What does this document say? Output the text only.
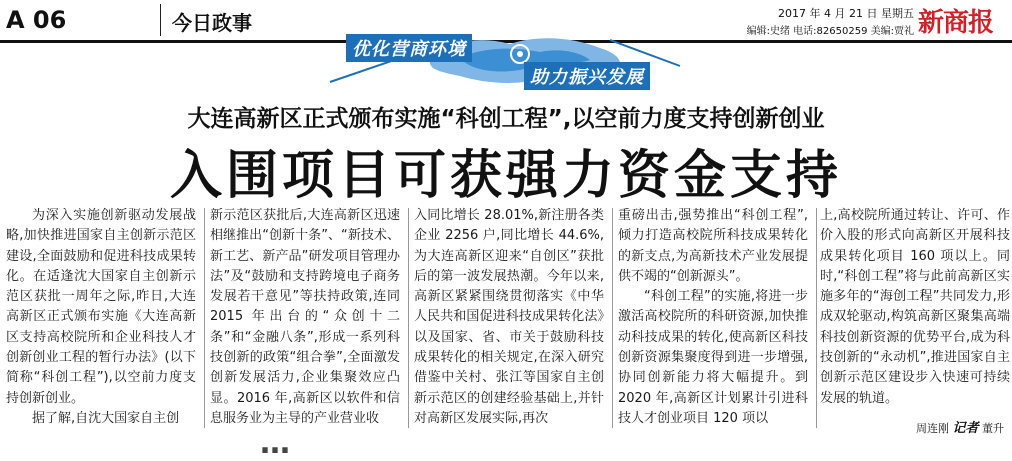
A 06	今日政事	2017 年 4 月 21 日 星期五
编辑:史绪 电话:82650259 美编:贾礼 新商报
优化营商环境
助力振兴发展
大连高新区正式颁布实施“科创工程”,以空前力度支持创新创业
入围项目可获强力资金支持

为深入实施创新驱动发展战略,加快推进国家自主创新示范区建设,全面鼓励和促进科技成果转化。在适逢沈大国家自主创新示范区获批一周年之际,昨日,大连高新区正式颁布实施《大连高新区支持高校院所和企业科技人才创新创业工程的暂行办法》(以下简称“科创工程”),以空前力度支持创新创业。

据了解,自沈大国家自主创

新示范区获批后,大连高新区迅速相继推出“创新十条”、“新技术、新工艺、新产品”研发项目管理办法”及“鼓励和支持跨境电子商务发展若干意见”等扶持政策,连同 2015 年出台的“众创十二条”和“金融八条”,形成一系列科技创新的政策“组合拳”,全面激发创新发展活力,企业集聚效应凸显。2016 年,高新区以软件和信息服务业为主导的产业营业收

入同比增长 28.01%,新注册各类企业 2256 户,同比增长 44.6%,为大连高新区迎来“自创区”获批后的第一波发展热潮。今年以来,高新区紧紧围绕贯彻落实《中华人民共和国促进科技成果转化法》以及国家、省、市关于鼓励科技成果转化的相关规定,在深入研究借鉴中关村、张江等国家自主创新示范区的创建经验基础上,并针对高新区发展实际,再次

重磅出击,强势推出“科创工程”,倾力打造高校院所科技成果转化的新支点,为高新技术产业发展提供不竭的“创新源头”。

“科创工程”的实施,将进一步激活高校院所的科研资源,加快推动科技成果的转化,使高新区科技创新资源集聚度得到进一步增强,协同创新能力将大幅提升。到 2020 年,高新区计划累计引进科技人才创业项目 120 项以

上,高校院所通过转让、许可、作价入股的形式向高新区开展科技成果转化项目 160 项以上。同时,“科创工程”将与此前高新区实施多年的“海创工程”共同发力,形成双轮驱动,构筑高新区聚集高端科技创新资源的优势平台,成为科技创新的“永动机”,推进国家自主创新示范区建设步入快速可持续发展的轨道。

周连刚 记者 董升
…
